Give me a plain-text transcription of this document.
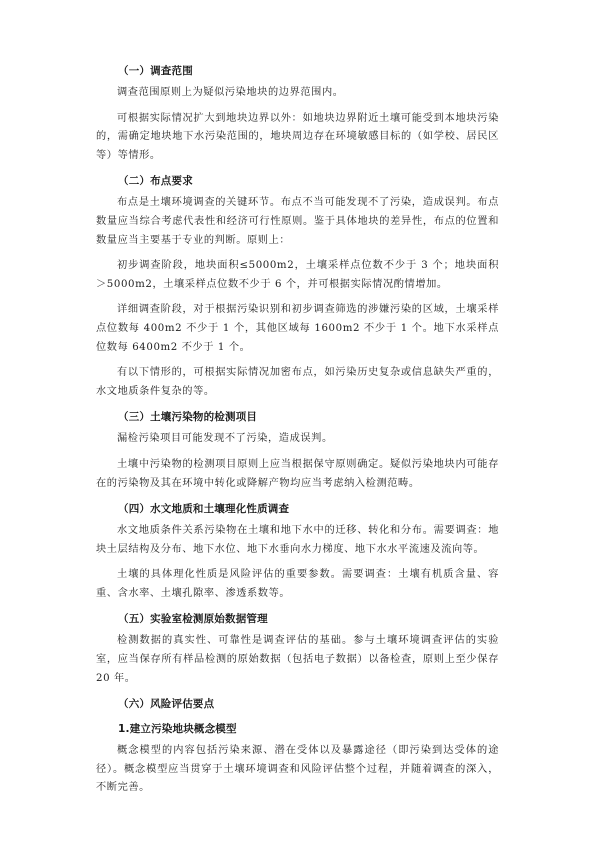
（一）调查范围

调查范围原则上为疑似污染地块的边界范围内。

可根据实际情况扩大到地块边界以外：如地块边界附近土壤可能受到本地块污染的，需确定地块地下水污染范围的，地块周边存在环境敏感目标的（如学校、居民区等）等情形。

（二）布点要求

布点是土壤环境调查的关键环节。布点不当可能发现不了污染，造成误判。布点数量应当综合考虑代表性和经济可行性原则。鉴于具体地块的差异性，布点的位置和数量应当主要基于专业的判断。原则上：

初步调查阶段，地块面积≤5000m2，土壤采样点位数不少于 3 个；地块面积＞5000m2，土壤采样点位数不少于 6 个，并可根据实际情况酌情增加。

详细调查阶段，对于根据污染识别和初步调查筛选的涉嫌污染的区域，土壤采样点位数每 400m2 不少于 1 个，其他区域每 1600m2 不少于 1 个。地下水采样点位数每 6400m2 不少于 1 个。

有以下情形的，可根据实际情况加密布点，如污染历史复杂或信息缺失严重的，水文地质条件复杂的等。

（三）土壤污染物的检测项目

漏检污染项目可能发现不了污染，造成误判。

土壤中污染物的检测项目原则上应当根据保守原则确定。疑似污染地块内可能存在的污染物及其在环境中转化或降解产物均应当考虑纳入检测范畴。

（四）水文地质和土壤理化性质调查

水文地质条件关系污染物在土壤和地下水中的迁移、转化和分布。需要调查：地块土层结构及分布、地下水位、地下水垂向水力梯度、地下水水平流速及流向等。

土壤的具体理化性质是风险评估的重要参数。需要调查：土壤有机质含量、容重、含水率、土壤孔隙率、渗透系数等。

（五）实验室检测原始数据管理

检测数据的真实性、可靠性是调查评估的基础。参与土壤环境调查评估的实验室，应当保存所有样品检测的原始数据（包括电子数据）以备检查，原则上至少保存 20 年。

（六）风险评估要点
1.建立污染地块概念模型

概念模型的内容包括污染来源、潜在受体以及暴露途径（即污染到达受体的途径）。概念模型应当贯穿于土壤环境调查和风险评估整个过程，并随着调查的深入，不断完善。
